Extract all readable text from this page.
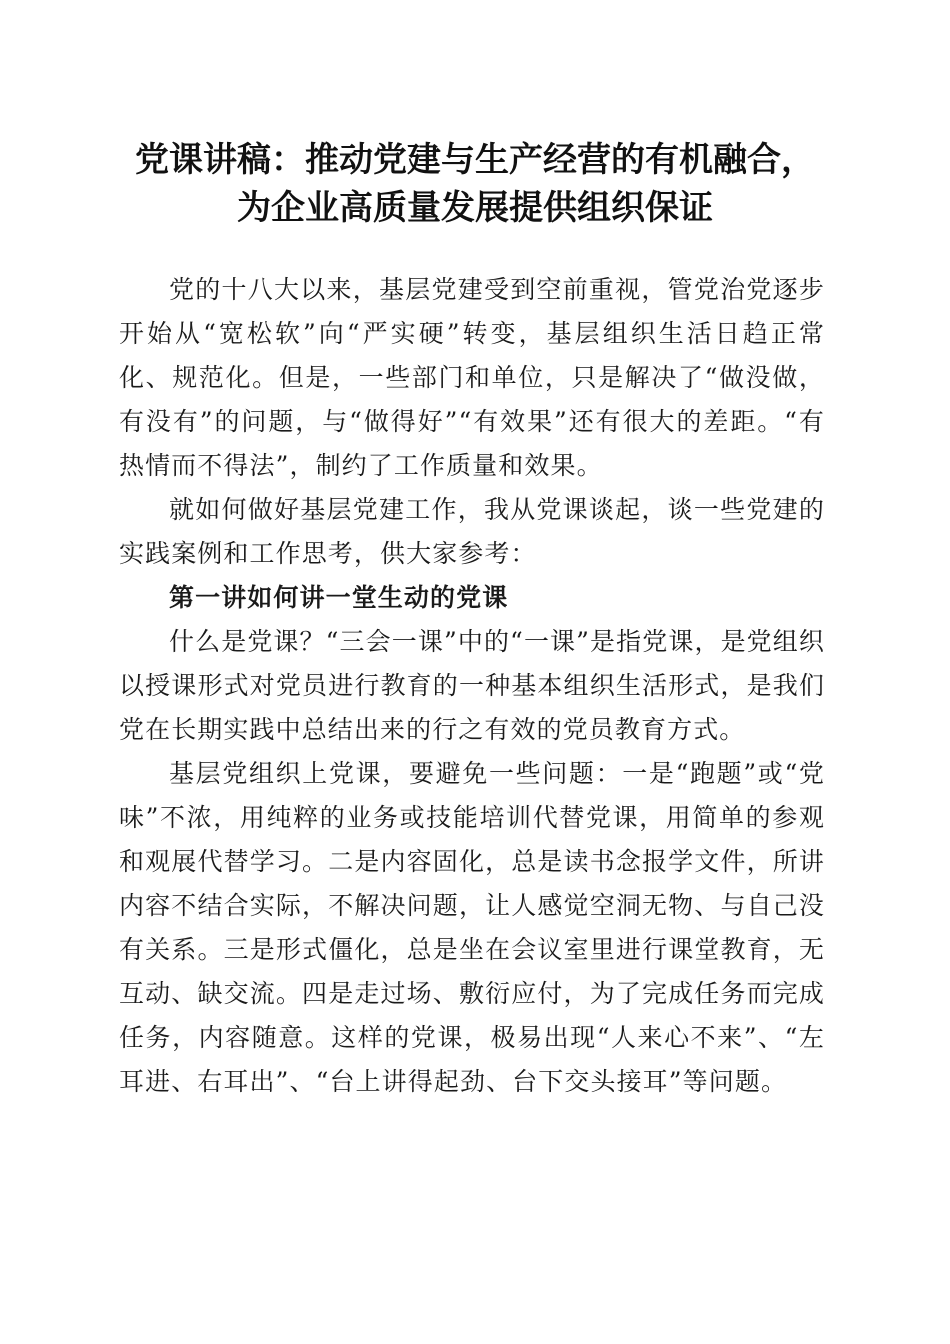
党课讲稿：推动党建与生产经营的有机融合，
为企业高质量发展提供组织保证

党的十八大以来，基层党建受到空前重视，管党治党逐步开始从“宽松软”向“严实硬”转变，基层组织生活日趋正常化、规范化。但是，一些部门和单位，只是解决了“做没做，有没有”的问题，与“做得好”“有效果”还有很大的差距。“有热情而不得法”，制约了工作质量和效果。

就如何做好基层党建工作，我从党课谈起，谈一些党建的实践案例和工作思考，供大家参考：

第一讲如何讲一堂生动的党课

什么是党课？“三会一课”中的“一课”是指党课，是党组织以授课形式对党员进行教育的一种基本组织生活形式，是我们党在长期实践中总结出来的行之有效的党员教育方式。

基层党组织上党课，要避免一些问题：一是“跑题”或“党味”不浓，用纯粹的业务或技能培训代替党课，用简单的参观和观展代替学习。二是内容固化，总是读书念报学文件，所讲内容不结合实际，不解决问题，让人感觉空洞无物、与自己没有关系。三是形式僵化，总是坐在会议室里进行课堂教育，无互动、缺交流。四是走过场、敷衍应付，为了完成任务而完成任务，内容随意。这样的党课，极易出现“人来心不来”、“左耳进、右耳出”、“台上讲得起劲、台下交头接耳”等问题。
